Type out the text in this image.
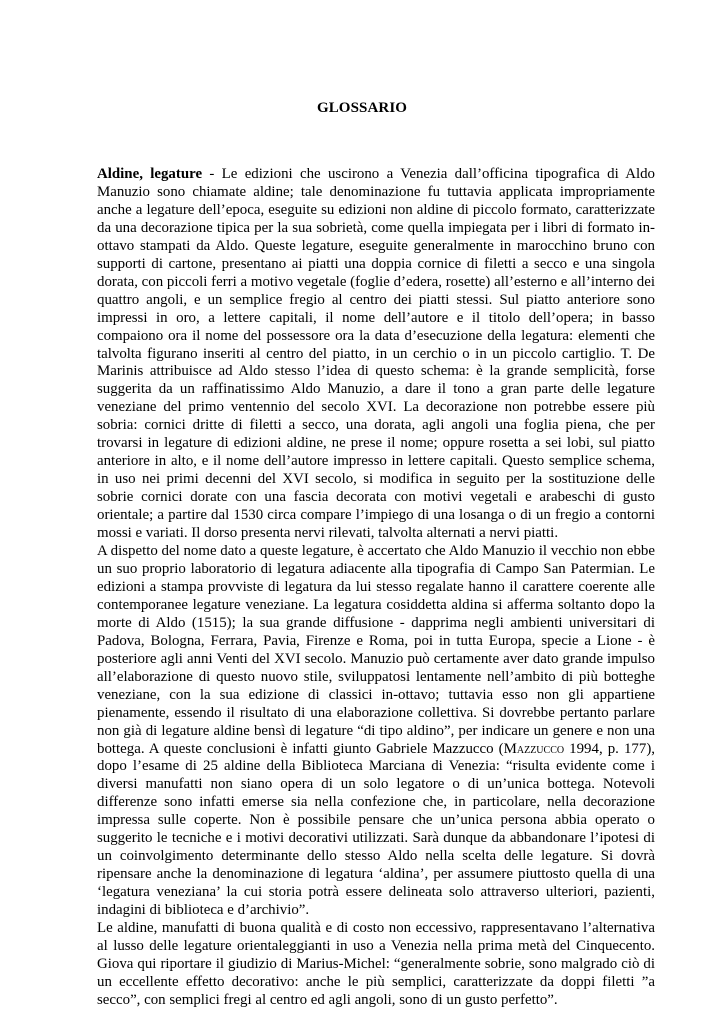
GLOSSARIO

Aldine, legature - Le edizioni che uscirono a Venezia dall’officina tipografica di Aldo Manuzio sono chiamate aldine; tale denominazione fu tuttavia applicata impropriamente anche a legature dell’epoca, eseguite su edizioni non aldine di piccolo formato, caratterizzate da una decorazione tipica per la sua sobrietà, come quella impiegata per i libri di formato in-ottavo stampati da Aldo. Queste legature, eseguite generalmente in marocchino bruno con supporti di cartone, presentano ai piatti una doppia cornice di filetti a secco e una singola dorata, con piccoli ferri a motivo vegetale (foglie d’edera, rosette) all’esterno e all’interno dei quattro angoli, e un semplice fregio al centro dei piatti stessi. Sul piatto anteriore sono impressi in oro, a lettere capitali, il nome dell’autore e il titolo dell’opera; in basso compaiono ora il nome del possessore ora la data d’esecuzione della legatura: elementi che talvolta figurano inseriti al centro del piatto, in un cerchio o in un piccolo cartiglio. T. De Marinis attribuisce ad Aldo stesso l’idea di questo schema: è la grande semplicità, forse suggerita da un raffinatissimo Aldo Manuzio, a dare il tono a gran parte delle legature veneziane del primo ventennio del secolo XVI. La decorazione non potrebbe essere più sobria: cornici dritte di filetti a secco, una dorata, agli angoli una foglia piena, che per trovarsi in legature di edizioni aldine, ne prese il nome; oppure rosetta a sei lobi, sul piatto anteriore in alto, e il nome dell’autore impresso in lettere capitali. Questo semplice schema, in uso nei primi decenni del XVI secolo, si modifica in seguito per la sostituzione delle sobrie cornici dorate con una fascia decorata con motivi vegetali e arabeschi di gusto orientale; a partire dal 1530 circa compare l’impiego di una losanga o di un fregio a contorni mossi e variati. Il dorso presenta nervi rilevati, talvolta alternati a nervi piatti.

A dispetto del nome dato a queste legature, è accertato che Aldo Manuzio il vecchio non ebbe un suo proprio laboratorio di legatura adiacente alla tipografia di Campo San Patermian. Le edizioni a stampa provviste di legatura da lui stesso regalate hanno il carattere coerente alle contemporanee legature veneziane. La legatura cosiddetta aldina si afferma soltanto dopo la morte di Aldo (1515); la sua grande diffusione - dapprima negli ambienti universitari di Padova, Bologna, Ferrara, Pavia, Firenze e Roma, poi in tutta Europa, specie a Lione - è posteriore agli anni Venti del XVI secolo. Manuzio può certamente aver dato grande impulso all’elaborazione di questo nuovo stile, sviluppatosi lentamente nell’ambito di più botteghe veneziane, con la sua edizione di classici in-ottavo; tuttavia esso non gli appartiene pienamente, essendo il risultato di una elaborazione collettiva. Si dovrebbe pertanto parlare non già di legature aldine bensì di legature “di tipo aldino”, per indicare un genere e non una bottega. A queste conclusioni è infatti giunto Gabriele Mazzucco (Mazzucco 1994, p. 177), dopo l’esame di 25 aldine della Biblioteca Marciana di Venezia: “risulta evidente come i diversi manufatti non siano opera di un solo legatore o di un’unica bottega. Notevoli differenze sono infatti emerse sia nella confezione che, in particolare, nella decorazione impressa sulle coperte. Non è possibile pensare che un’unica persona abbia operato o suggerito le tecniche e i motivi decorativi utilizzati. Sarà dunque da abbandonare l’ipotesi di un coinvolgimento determinante dello stesso Aldo nella scelta delle legature. Si dovrà ripensare anche la denominazione di legatura ‘aldina’, per assumere piuttosto quella di una ‘legatura veneziana’ la cui storia potrà essere delineata solo attraverso ulteriori, pazienti, indagini di biblioteca e d’archivio”.

Le aldine, manufatti di buona qualità e di costo non eccessivo, rappresentavano l’alternativa al lusso delle legature orientaleggianti in uso a Venezia nella prima metà del Cinquecento. Giova qui riportare il giudizio di Marius-Michel: “generalmente sobrie, sono malgrado ciò di un eccellente effetto decorativo: anche le più semplici, caratterizzate da doppi filetti ”a secco”, con semplici fregi al centro ed agli angoli, sono di un gusto perfetto”.
